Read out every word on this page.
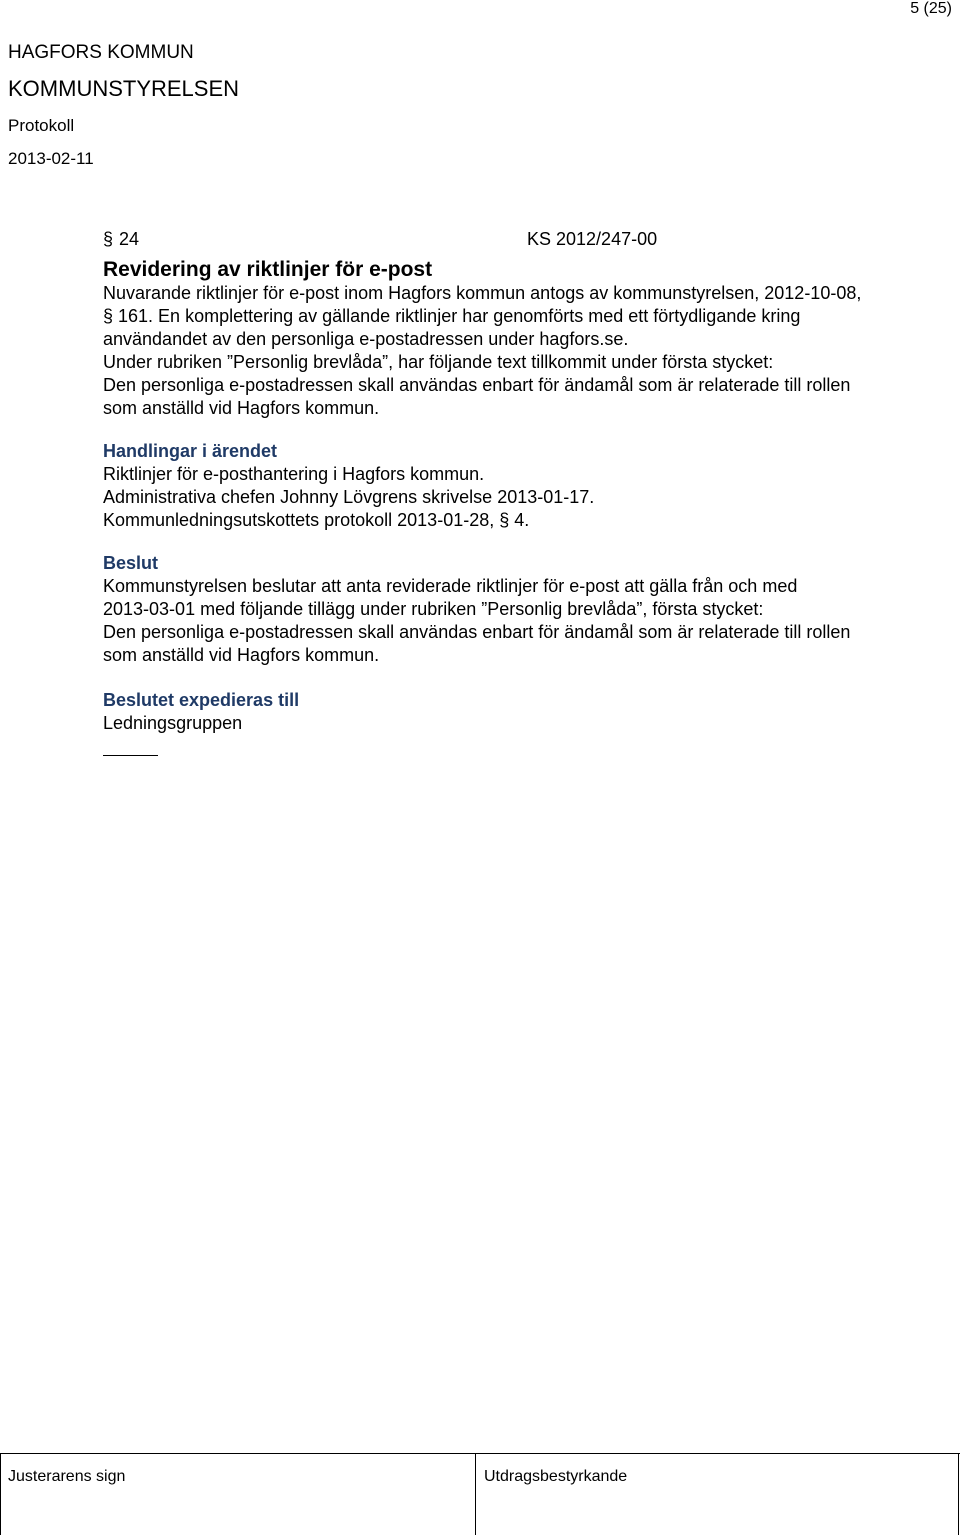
5 (25)
HAGFORS KOMMUN
KOMMUNSTYRELSEN
Protokoll
2013-02-11
§ 24	KS 2012/247-00
Revidering av riktlinjer för e-post
Nuvarande riktlinjer för e-post inom Hagfors kommun antogs av kommunstyrelsen, 2012-10-08,
§ 161. En komplettering av gällande riktlinjer har genomförts med ett förtydligande kring
användandet av den personliga e-postadressen under hagfors.se.
Under rubriken ”Personlig brevlåda”, har följande text tillkommit under första stycket:
Den personliga e-postadressen skall användas enbart för ändamål som är relaterade till rollen
som anställd vid Hagfors kommun.
Handlingar i ärendet
Riktlinjer för e-posthantering i Hagfors kommun.
Administrativa chefen Johnny Lövgrens skrivelse 2013-01-17.
Kommunledningsutskottets protokoll 2013-01-28, § 4.
Beslut
Kommunstyrelsen beslutar att anta reviderade riktlinjer för e-post att gälla från och med
2013-03-01 med följande tillägg under rubriken ”Personlig brevlåda”, första stycket:
Den personliga e-postadressen skall användas enbart för ändamål som är relaterade till rollen
som anställd vid Hagfors kommun.
Beslutet expedieras till
Ledningsgruppen
Justerarens sign	Utdragsbestyrkande
